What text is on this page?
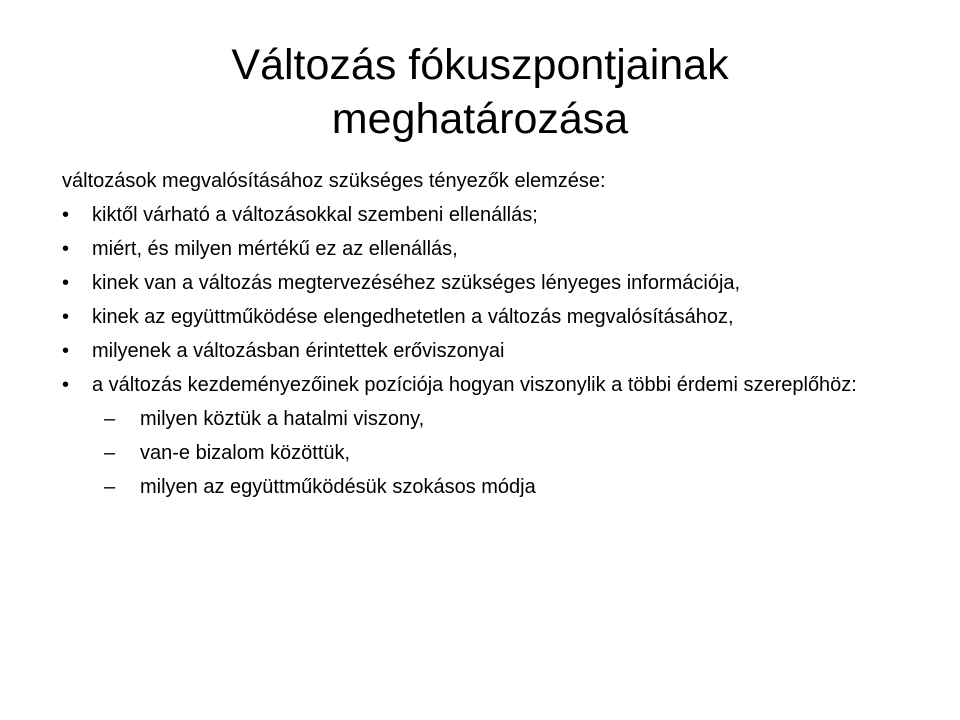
Változás fókuszpontjainak
meghatározása

változások megvalósításához szükséges tényezők elemzése:

•	kiktől várható a változásokkal szembeni ellenállás;
•	miért, és milyen mértékű ez az ellenállás,
•	kinek van a változás megtervezéséhez szükséges lényeges információja,
•	kinek az együttműködése elengedhetetlen a változás megvalósításához,
•	milyenek a változásban érintettek erőviszonyai
•	a változás kezdeményezőinek pozíciója hogyan viszonylik a többi érdemi szereplőhöz:
–	milyen köztük a hatalmi viszony,
–	van-e bizalom közöttük,
–	milyen az együttműködésük szokásos módja
